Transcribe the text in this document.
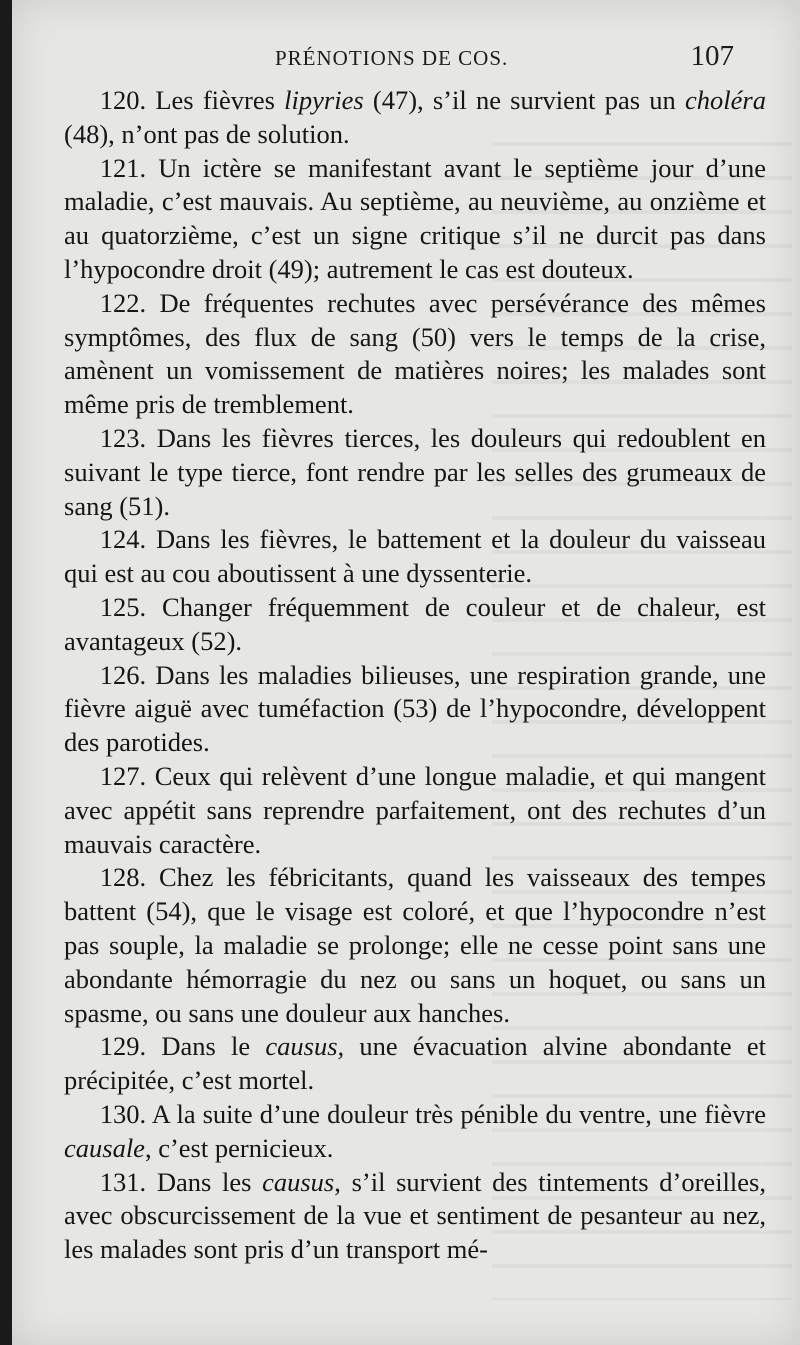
PRÉNOTIONS DE COS.	107

120. Les fièvres lipyries (47), s’il ne survient pas un choléra (48), n’ont pas de solution.

121. Un ictère se manifestant avant le septième jour d’une maladie, c’est mauvais. Au septième, au neuvième, au onzième et au quatorzième, c’est un signe critique s’il ne durcit pas dans l’hypocondre droit (49); autrement le cas est douteux.

122. De fréquentes rechutes avec persévérance des mêmes symptômes, des flux de sang (50) vers le temps de la crise, amènent un vomissement de matières noires; les malades sont même pris de tremblement.

123. Dans les fièvres tierces, les douleurs qui redoublent en suivant le type tierce, font rendre par les selles des grumeaux de sang (51).

124. Dans les fièvres, le battement et la douleur du vaisseau qui est au cou aboutissent à une dyssenterie.

125. Changer fréquemment de couleur et de chaleur, est avantageux (52).

126. Dans les maladies bilieuses, une respiration grande, une fièvre aiguë avec tuméfaction (53) de l’hypocondre, développent des parotides.

127. Ceux qui relèvent d’une longue maladie, et qui mangent avec appétit sans reprendre parfaitement, ont des rechutes d’un mauvais caractère.

128. Chez les fébricitants, quand les vaisseaux des tempes battent (54), que le visage est coloré, et que l’hypocondre n’est pas souple, la maladie se prolonge; elle ne cesse point sans une abondante hémorragie du nez ou sans un hoquet, ou sans un spasme, ou sans une douleur aux hanches.

129. Dans le causus, une évacuation alvine abondante et précipitée, c’est mortel.

130. A la suite d’une douleur très pénible du ventre, une fièvre causale, c’est pernicieux.

131. Dans les causus, s’il survient des tintements d’oreilles, avec obscurcissement de la vue et sentiment de pesanteur au nez, les malades sont pris d’un transport mé-
